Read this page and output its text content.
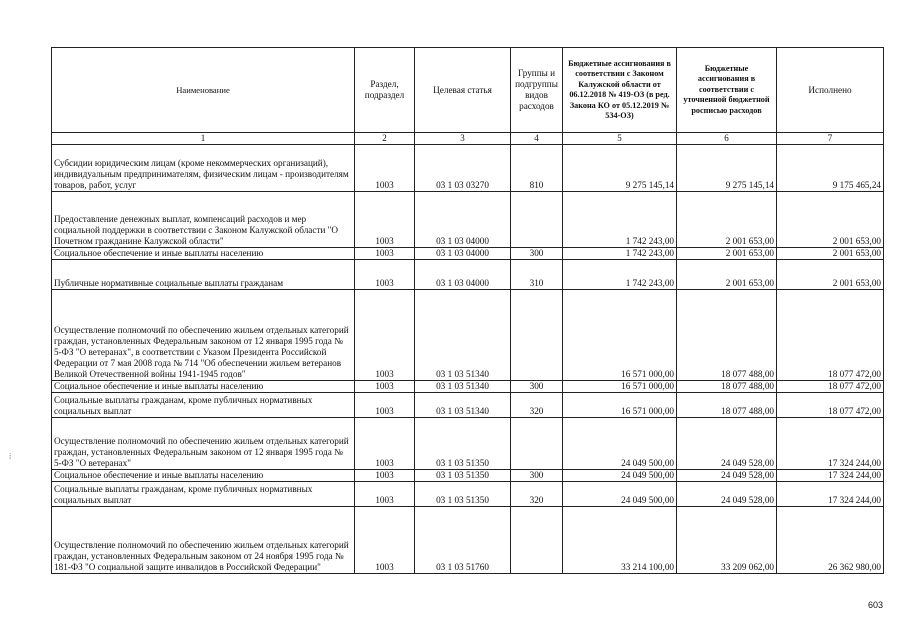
Наименование	Раздел, подраздел	Целевая статья	Группы и подгруппы видов расходов	Бюджетные ассигнования в соответствии с Законом Калужской области от 06.12.2018 № 419-ОЗ (в ред. Закона КО от 05.12.2019 № 534-ОЗ)	Бюджетные ассигнования в соответствии с уточненной бюджетной росписью расходов	Исполнено
1	2	3	4	5	6	7
Субсидии юридическим лицам (кроме некоммерческих организаций), индивидуальным предпринимателям, физическим лицам - производителям товаров, работ, услуг	1003	03 1 03 03270	810	9 275 145,14	9 275 145,14	9 175 465,24
Предоставление денежных выплат, компенсаций расходов и мер социальной поддержки в соответствии с Законом Калужской области "О Почетном гражданине Калужской области"	1003	03 1 03 04000		1 742 243,00	2 001 653,00	2 001 653,00
Социальное обеспечение и иные выплаты населению	1003	03 1 03 04000	300	1 742 243,00	2 001 653,00	2 001 653,00
Публичные нормативные социальные выплаты гражданам	1003	03 1 03 04000	310	1 742 243,00	2 001 653,00	2 001 653,00
Осуществление полномочий по обеспечению жильем отдельных категорий граждан, установленных Федеральным законом от 12 января 1995 года № 5-ФЗ "О ветеранах", в соответствии с Указом Президента Российской Федерации от 7 мая 2008 года № 714 "Об обеспечении жильем ветеранов Великой Отечественной войны 1941-1945 годов"	1003	03 1 03 51340		16 571 000,00	18 077 488,00	18 077 472,00
Социальное обеспечение и иные выплаты населению	1003	03 1 03 51340	300	16 571 000,00	18 077 488,00	18 077 472,00
Социальные выплаты гражданам, кроме публичных нормативных социальных выплат	1003	03 1 03 51340	320	16 571 000,00	18 077 488,00	18 077 472,00
Осуществление полномочий по обеспечению жильем отдельных категорий граждан, установленных Федеральным законом от 12 января 1995 года № 5-ФЗ "О ветеранах"	1003	03 1 03 51350		24 049 500,00	24 049 528,00	17 324 244,00
Социальное обеспечение и иные выплаты населению	1003	03 1 03 51350	300	24 049 500,00	24 049 528,00	17 324 244,00
Социальные выплаты гражданам, кроме публичных нормативных социальных выплат	1003	03 1 03 51350	320	24 049 500,00	24 049 528,00	17 324 244,00
Осуществление полномочий по обеспечению жильем отдельных категорий граждан, установленных Федеральным законом от 24 ноября 1995 года № 181-ФЗ "О социальной защите инвалидов в Российской Федерации"	1003	03 1 03 51760		33 214 100,00	33 209 062,00	26 362 980,00
⁞
603
